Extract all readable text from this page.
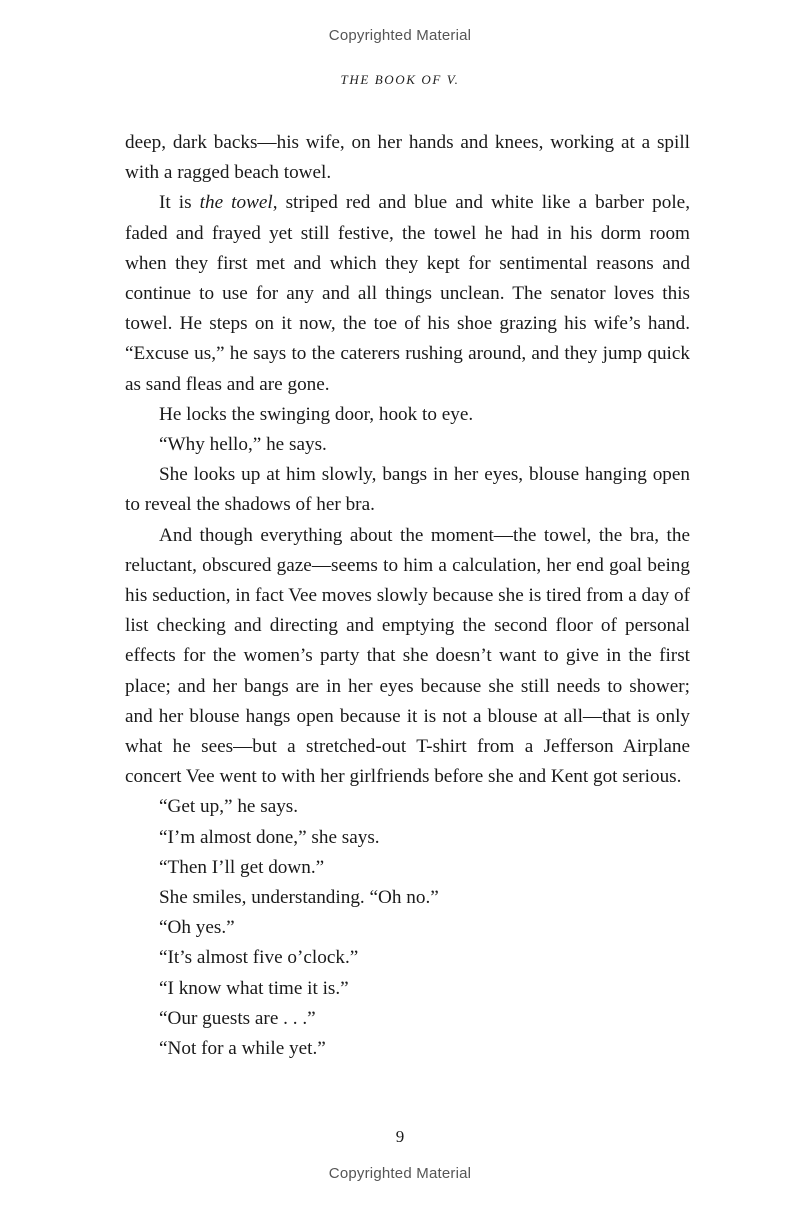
Copyrighted Material
THE BOOK OF V.

deep, dark backs—his wife, on her hands and knees, working at a spill with a ragged beach towel.

It is the towel, striped red and blue and white like a barber pole, faded and frayed yet still festive, the towel he had in his dorm room when they first met and which they kept for sentimental reasons and continue to use for any and all things unclean. The senator loves this towel. He steps on it now, the toe of his shoe grazing his wife’s hand. “Excuse us,” he says to the caterers rushing around, and they jump quick as sand fleas and are gone.

He locks the swinging door, hook to eye.

“Why hello,” he says.

She looks up at him slowly, bangs in her eyes, blouse hanging open to reveal the shadows of her bra.

And though everything about the moment—the towel, the bra, the reluctant, obscured gaze—seems to him a calculation, her end goal being his seduction, in fact Vee moves slowly because she is tired from a day of list checking and directing and emptying the second floor of personal effects for the women’s party that she doesn’t want to give in the first place; and her bangs are in her eyes because she still needs to shower; and her blouse hangs open because it is not a blouse at all—that is only what he sees—but a stretched-out T-shirt from a Jefferson Airplane concert Vee went to with her girlfriends before she and Kent got serious.

“Get up,” he says.

“I’m almost done,” she says.

“Then I’ll get down.”

She smiles, understanding. “Oh no.”

“Oh yes.”

“It’s almost five o’clock.”

“I know what time it is.”

“Our guests are . . .”

“Not for a while yet.”

9
Copyrighted Material
